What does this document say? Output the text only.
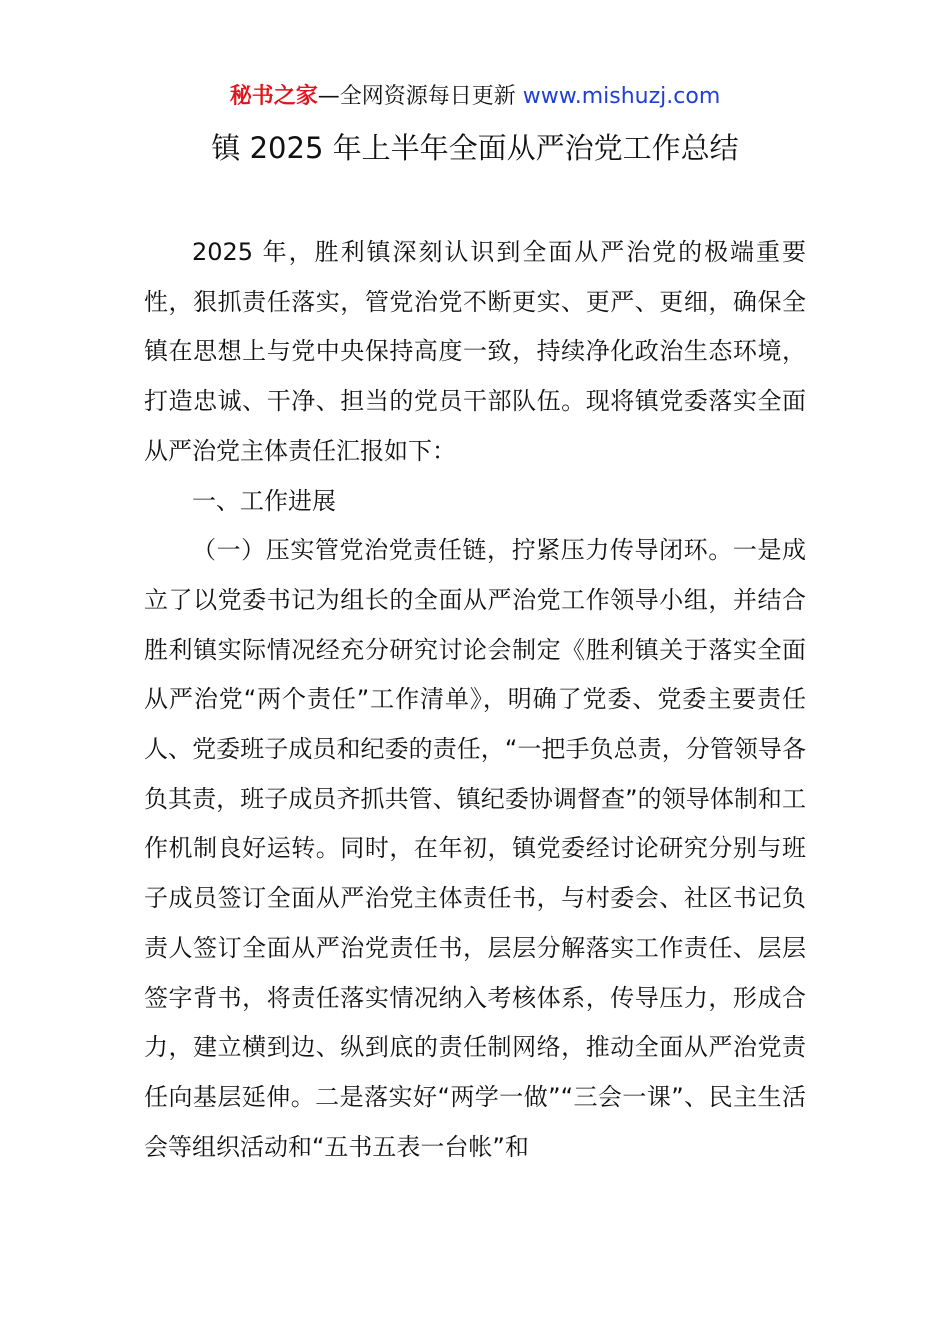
秘书之家—全网资源每日更新 www.mishuzj.com
镇 2025 年上半年全面从严治党工作总结

2025 年，胜利镇深刻认识到全面从严治党的极端重要性，狠抓责任落实，管党治党不断更实、更严、更细，确保全镇在思想上与党中央保持高度一致，持续净化政治生态环境，打造忠诚、干净、担当的党员干部队伍。现将镇党委落实全面从严治党主体责任汇报如下：

一、工作进展

（一）压实管党治党责任链，拧紧压力传导闭环。一是成立了以党委书记为组长的全面从严治党工作领导小组，并结合胜利镇实际情况经充分研究讨论会制定《胜利镇关于落实全面从严治党“两个责任”工作清单》，明确了党委、党委主要责任人、党委班子成员和纪委的责任，“一把手负总责，分管领导各负其责，班子成员齐抓共管、镇纪委协调督查”的领导体制和工作机制良好运转。同时，在年初，镇党委经讨论研究分别与班子成员签订全面从严治党主体责任书，与村委会、社区书记负责人签订全面从严治党责任书，层层分解落实工作责任、层层签字背书，将责任落实情况纳入考核体系，传导压力，形成合力，建立横到边、纵到底的责任制网络，推动全面从严治党责任向基层延伸。二是落实好“两学一做”“三会一课”、民主生活会等组织活动和“五书五表一台帐”和
